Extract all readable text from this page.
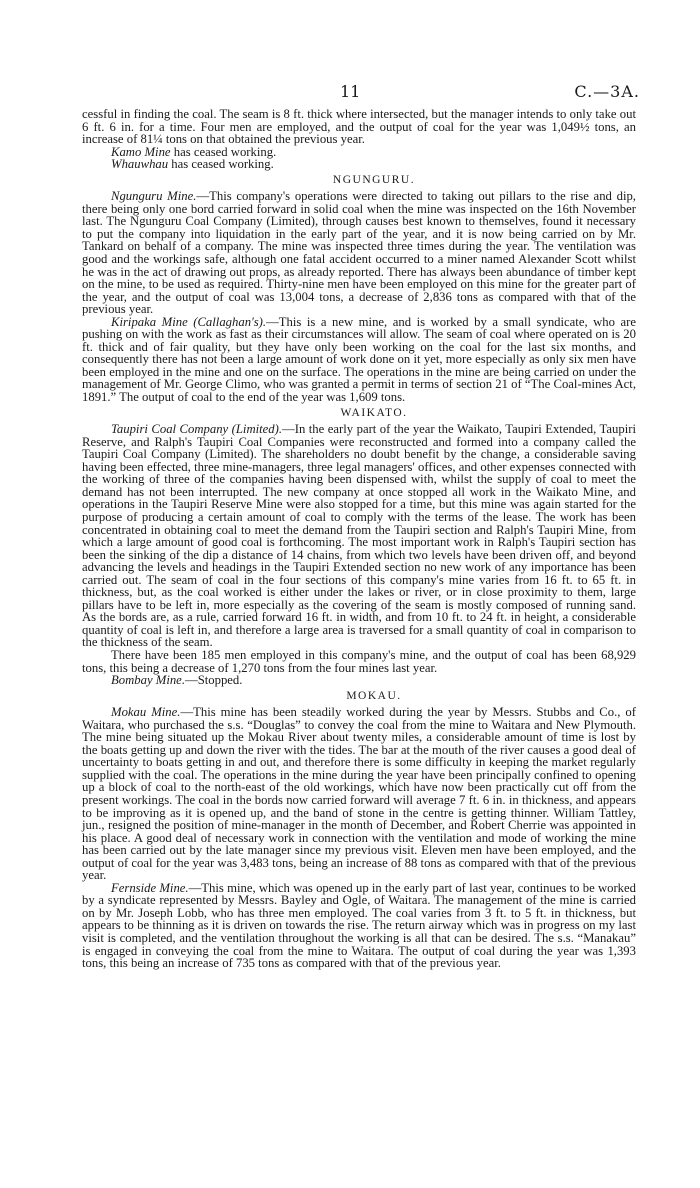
11	C.—3A.

cessful in finding the coal. The seam is 8 ft. thick where intersected, but the manager intends to only take out 6 ft. 6 in. for a time. Four men are employed, and the output of coal for the year was 1,049½ tons, an increase of 81¼ tons on that obtained the previous year.

Kamo Mine has ceased working.

Whauwhau has ceased working.

NGUNGURU.

Ngunguru Mine.—This company's operations were directed to taking out pillars to the rise and dip, there being only one bord carried forward in solid coal when the mine was inspected on the 16th November last. The Ngunguru Coal Company (Limited), through causes best known to themselves, found it necessary to put the company into liquidation in the early part of the year, and it is now being carried on by Mr. Tankard on behalf of a company. The mine was inspected three times during the year. The ventilation was good and the workings safe, although one fatal accident occurred to a miner named Alexander Scott whilst he was in the act of drawing out props, as already reported. There has always been abundance of timber kept on the mine, to be used as required. Thirty-nine men have been employed on this mine for the greater part of the year, and the output of coal was 13,004 tons, a decrease of 2,836 tons as compared with that of the previous year.

Kiripaka Mine (Callaghan's).—This is a new mine, and is worked by a small syndicate, who are pushing on with the work as fast as their circumstances will allow. The seam of coal where operated on is 20 ft. thick and of fair quality, but they have only been working on the coal for the last six months, and consequently there has not been a large amount of work done on it yet, more especially as only six men have been employed in the mine and one on the surface. The operations in the mine are being carried on under the management of Mr. George Climo, who was granted a permit in terms of section 21 of “The Coal-mines Act, 1891.” The output of coal to the end of the year was 1,609 tons.

WAIKATO.

Taupiri Coal Company (Limited).—In the early part of the year the Waikato, Taupiri Extended, Taupiri Reserve, and Ralph's Taupiri Coal Companies were reconstructed and formed into a company called the Taupiri Coal Company (Limited). The shareholders no doubt benefit by the change, a considerable saving having been effected, three mine-managers, three legal managers' offices, and other expenses connected with the working of three of the companies having been dispensed with, whilst the supply of coal to meet the demand has not been interrupted. The new company at once stopped all work in the Waikato Mine, and operations in the Taupiri Reserve Mine were also stopped for a time, but this mine was again started for the purpose of producing a certain amount of coal to comply with the terms of the lease. The work has been concentrated in obtaining coal to meet the demand from the Taupiri section and Ralph's Taupiri Mine, from which a large amount of good coal is forthcoming. The most important work in Ralph's Taupiri section has been the sinking of the dip a distance of 14 chains, from which two levels have been driven off, and beyond advancing the levels and headings in the Taupiri Extended section no new work of any importance has been carried out. The seam of coal in the four sections of this company's mine varies from 16 ft. to 65 ft. in thickness, but, as the coal worked is either under the lakes or river, or in close proximity to them, large pillars have to be left in, more especially as the covering of the seam is mostly composed of running sand. As the bords are, as a rule, carried forward 16 ft. in width, and from 10 ft. to 24 ft. in height, a considerable quantity of coal is left in, and therefore a large area is traversed for a small quantity of coal in comparison to the thickness of the seam.

There have been 185 men employed in this company's mine, and the output of coal has been 68,929 tons, this being a decrease of 1,270 tons from the four mines last year.

Bombay Mine.—Stopped.

MOKAU.

Mokau Mine.—This mine has been steadily worked during the year by Messrs. Stubbs and Co., of Waitara, who purchased the s.s. “Douglas” to convey the coal from the mine to Waitara and New Plymouth. The mine being situated up the Mokau River about twenty miles, a considerable amount of time is lost by the boats getting up and down the river with the tides. The bar at the mouth of the river causes a good deal of uncertainty to boats getting in and out, and therefore there is some difficulty in keeping the market regularly supplied with the coal. The operations in the mine during the year have been principally confined to opening up a block of coal to the north-east of the old workings, which have now been practically cut off from the present workings. The coal in the bords now carried forward will average 7 ft. 6 in. in thickness, and appears to be improving as it is opened up, and the band of stone in the centre is getting thinner. William Tattley, jun., resigned the position of mine-manager in the month of December, and Robert Cherrie was appointed in his place. A good deal of necessary work in connection with the ventilation and mode of working the mine has been carried out by the late manager since my previous visit. Eleven men have been employed, and the output of coal for the year was 3,483 tons, being an increase of 88 tons as compared with that of the previous year.

Fernside Mine.—This mine, which was opened up in the early part of last year, continues to be worked by a syndicate represented by Messrs. Bayley and Ogle, of Waitara. The management of the mine is carried on by Mr. Joseph Lobb, who has three men employed. The coal varies from 3 ft. to 5 ft. in thickness, but appears to be thinning as it is driven on towards the rise. The return airway which was in progress on my last visit is completed, and the ventilation throughout the working is all that can be desired. The s.s. “Manakau” is engaged in conveying the coal from the mine to Waitara. The output of coal during the year was 1,393 tons, this being an increase of 735 tons as compared with that of the previous year.
